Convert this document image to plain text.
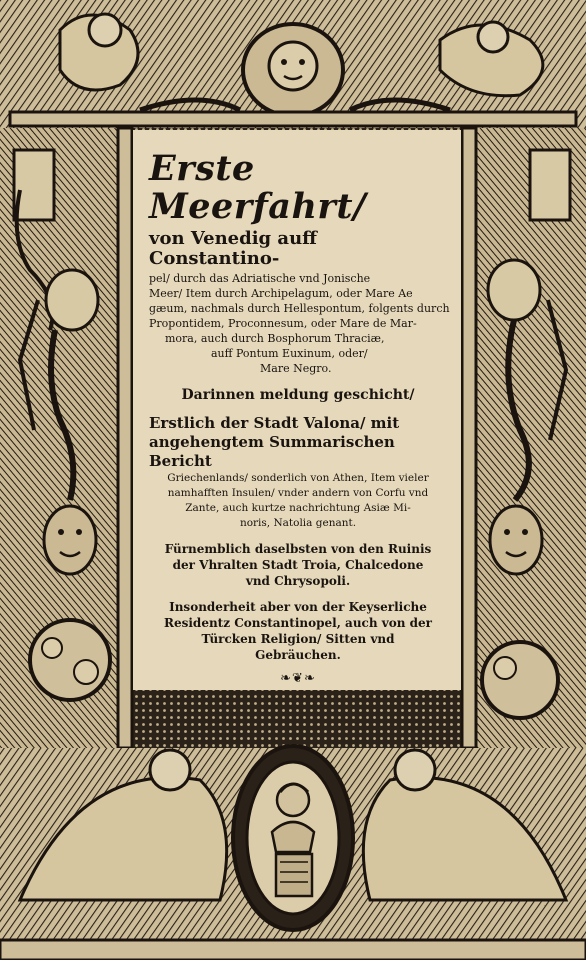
Erste Meerfahrt/
von Venedig auff Constantino-
pel/ durch das Adriatische vnd Jonische
Meer/ Item durch Archipelagum, oder Mare Ae
gæum, nachmals durch Hellespontum, folgents durch
Propontidem, Proconnesum, oder Mare de Mar-
mora, auch durch Bosphorum Thraciæ,
auff Pontum Euxinum, oder/
Mare Negro.
Darinnen meldung geschicht/
Erstlich der Stadt Valona/ mit
angehengtem Summarischen Bericht
Griechenlands/ sonderlich von Athen, Item vieler
namhafften Insulen/ vnder andern von Corfu vnd
Zante, auch kurtze nachrichtung Asiæ Mi-
noris, Natolia genant.
Fürnemblich daselbsten von den Ruinis
der Vhralten Stadt Troia, Chalcedone
vnd Chrysopoli.
Insonderheit aber von der Keyserliche
Residentz Constantinopel, auch von der
Türcken Religion/ Sitten vnd
Gebräuchen.
❧❦❧
